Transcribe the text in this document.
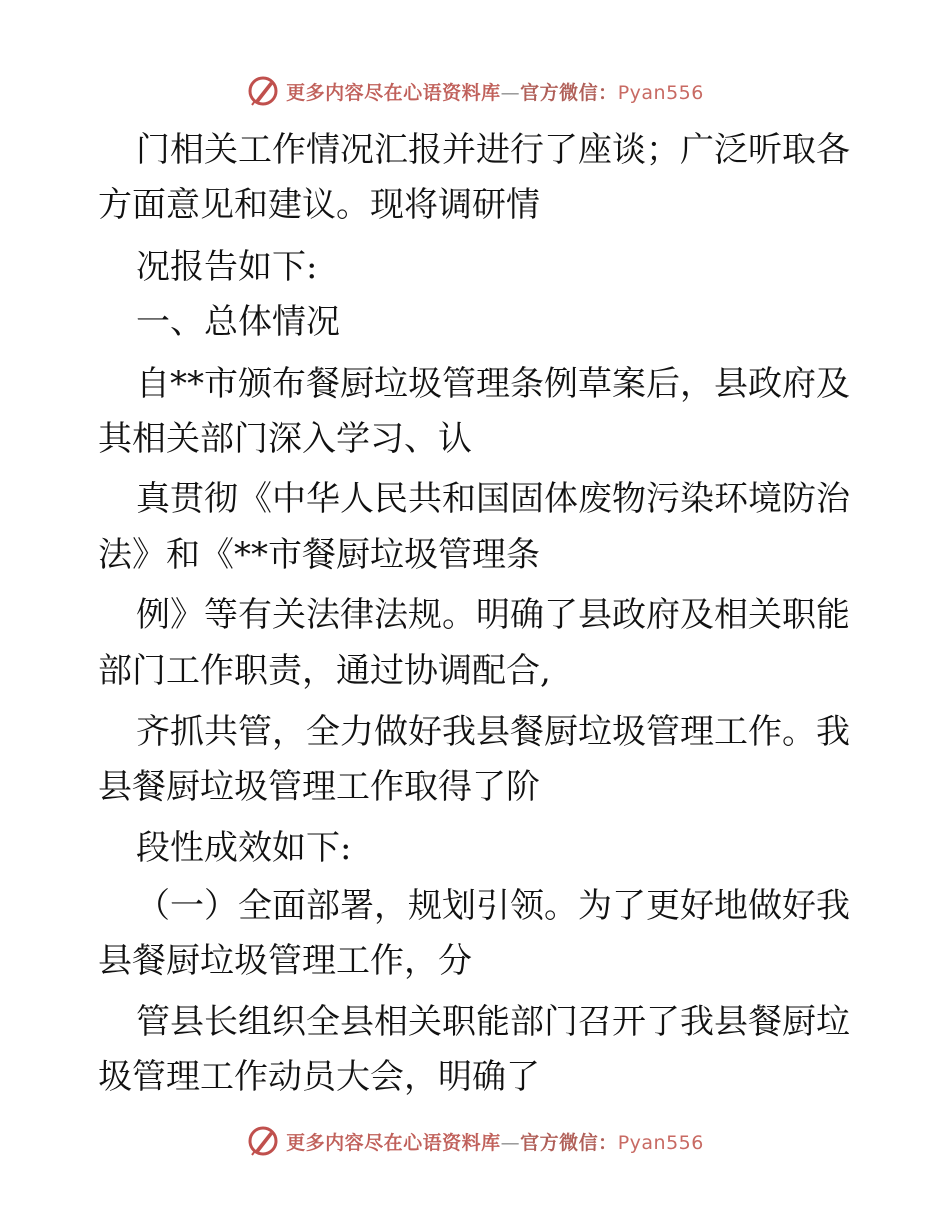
更多内容尽在心语资料库—官方微信：Pyan556
门相关工作情况汇报并进行了座谈；广泛听取各
方面意见和建议。现将调研情
况报告如下:
一、总体情况
自**市颁布餐厨垃圾管理条例草案后，县政府及
其相关部门深入学习、认
真贯彻《中华人民共和国固体废物污染环境防治
法》和《**市餐厨垃圾管理条
例》等有关法律法规。明确了县政府及相关职能
部门工作职责，通过协调配合,
齐抓共管，全力做好我县餐厨垃圾管理工作。我
县餐厨垃圾管理工作取得了阶
段性成效如下:
（一）全面部署，规划引领。为了更好地做好我
县餐厨垃圾管理工作，分
管县长组织全县相关职能部门召开了我县餐厨垃
圾管理工作动员大会，明确了
更多内容尽在心语资料库—官方微信：Pyan556
